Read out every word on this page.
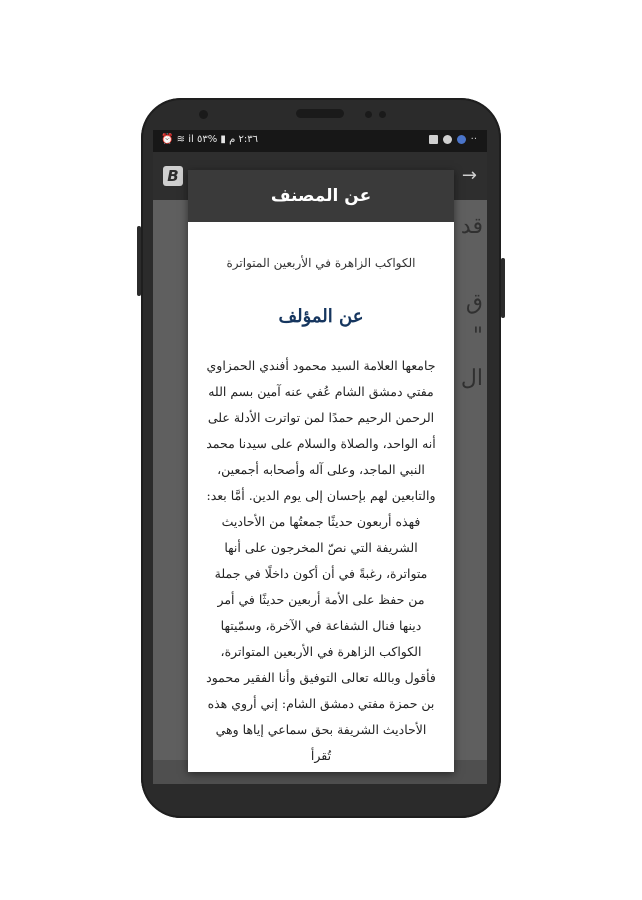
٢:٣٦ م ▮ %٥٣ il ≋ ⏰	··
B	→
قد
ق
"
ال
عن المصنف
الكواكب الزاهرة في الأربعين المتواترة
عن المؤلف
جامعها العلامة السيد محمود أفندي الحمزاوي مفتي دمشق الشام عُفي عنه آمين بسم الله الرحمن الرحيم حمدًا لمن تواترت الأدلة على أنه الواحد، والصلاة والسلام على سيدنا محمد النبي الماجد، وعلى آله وأصحابه أجمعين، والتابعين لهم بإحسان إلى يوم الدين. أمَّا بعد: فهذه أربعون حديثًا جمعتُها من الأحاديث الشريفة التي نصّ المخرجون على أنها متواترة، رغبةً في أن أكون داخلًا في جملة من حفظ على الأمة أربعين حديثًا في أمر دينها فنال الشفاعة في الآخرة، وسمّيتها الكواكب الزاهرة في الأربعين المتواترة، فأقول وبالله تعالى التوفيق وأنا الفقير محمود بن حمزة مفتي دمشق الشام: إني أروي هذه الأحاديث الشريفة بحق سماعي إياها وهي تُقرأ
